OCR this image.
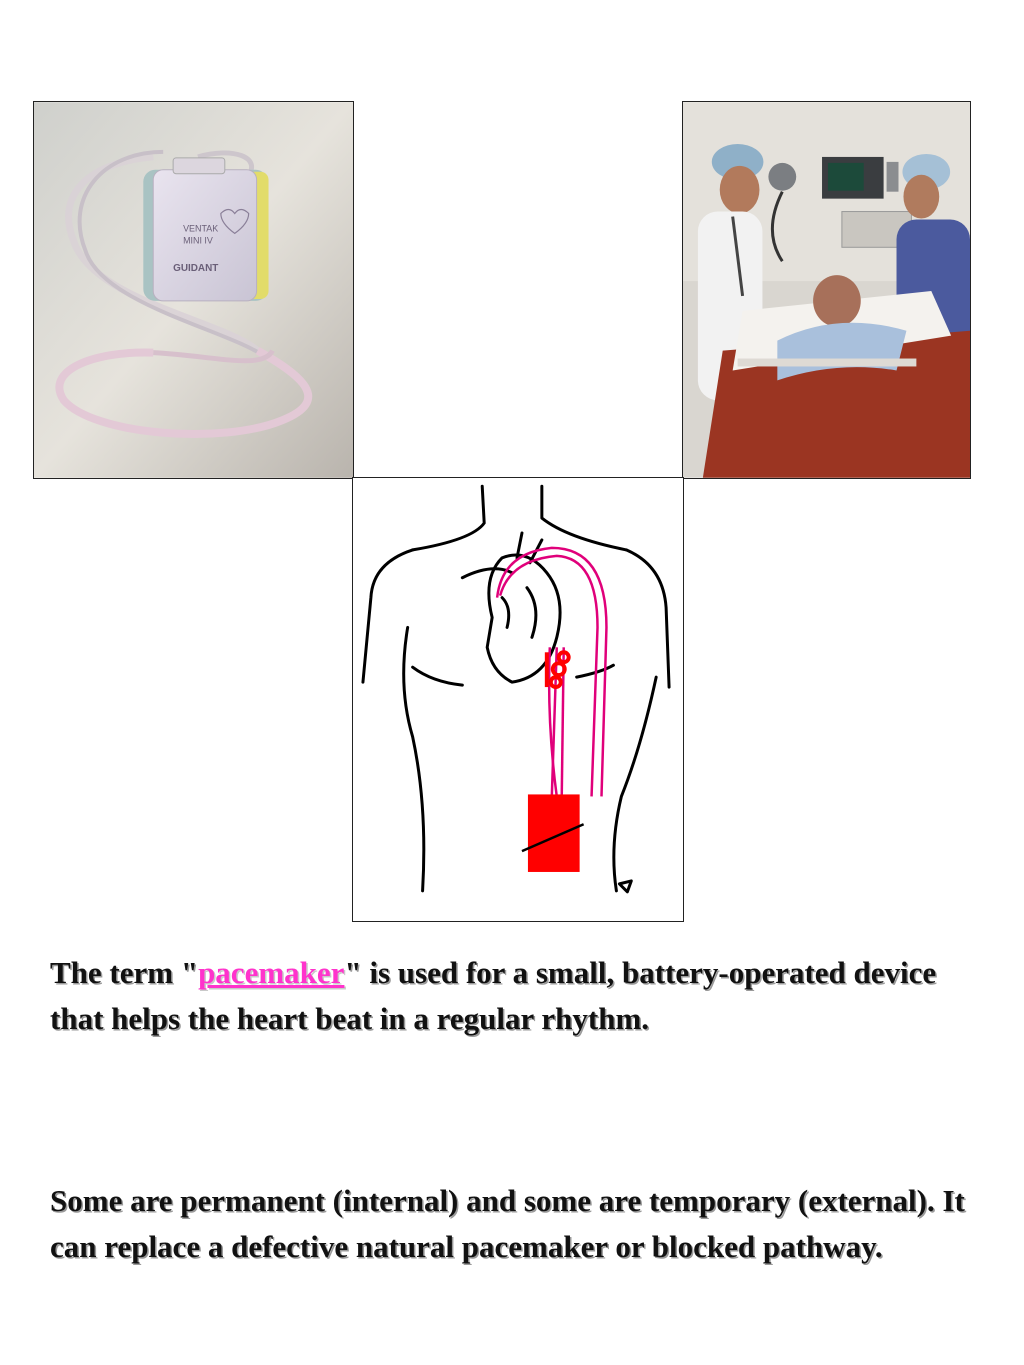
VENTAK
MINI IV
GUIDANT

The term "pacemaker" is used for a small, battery-operated device that helps the heart beat in a regular rhythm.

Some are permanent (internal) and some are temporary (external). It can replace a defective natural pacemaker or blocked pathway.
